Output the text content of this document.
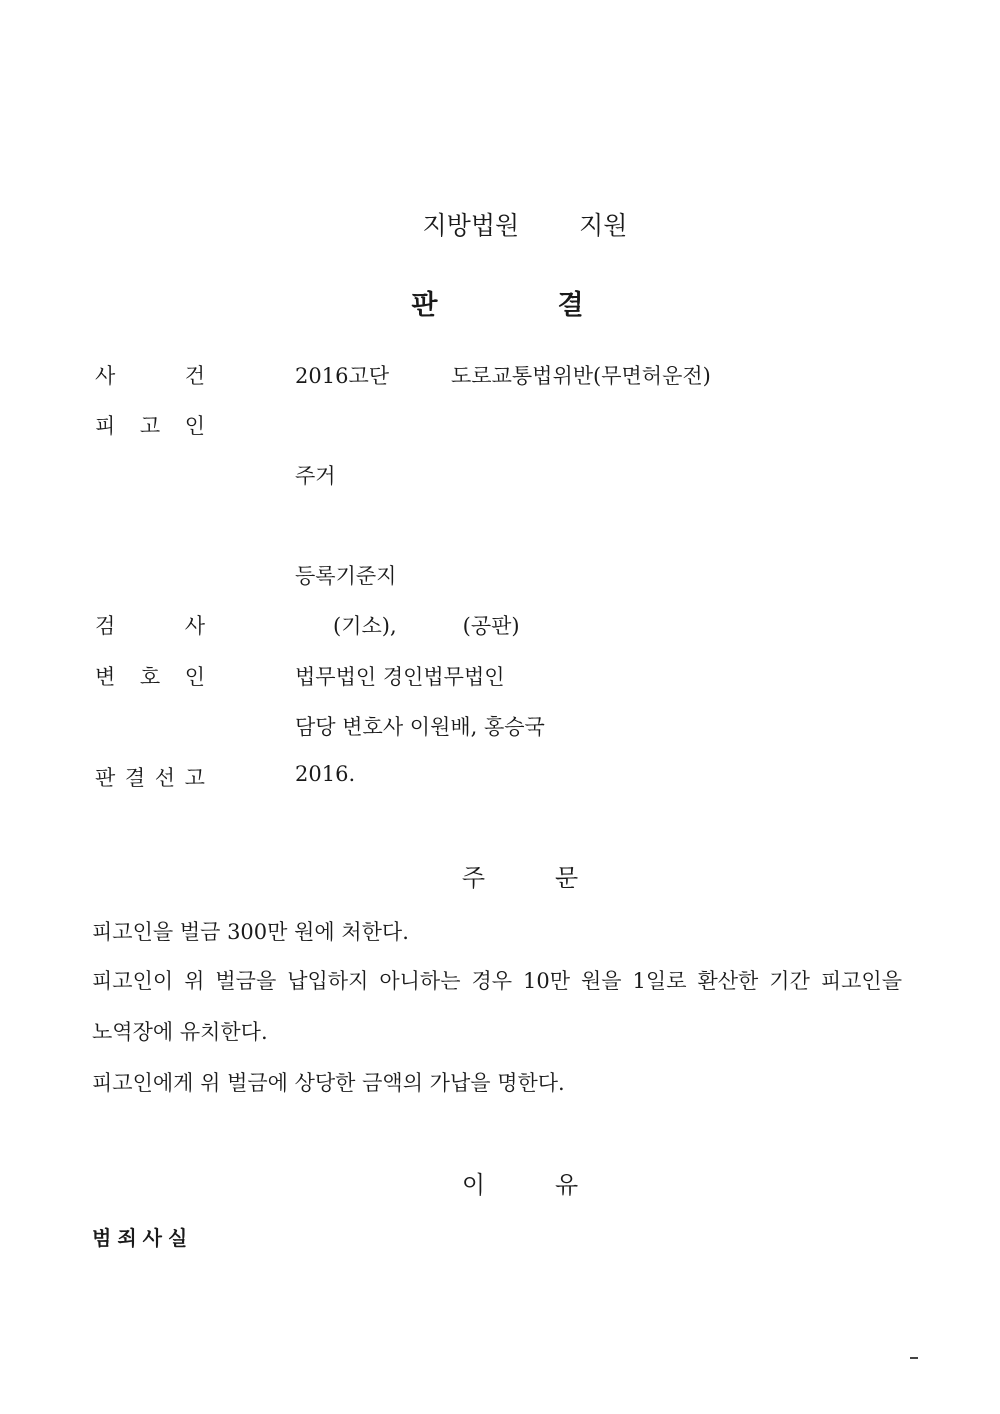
지방법원 지원
판결
사	건	2016고단	도로교통법위반(무면허운전)
피 고 인
주거
등록기준지
검	사	(기소),	(공판)
변 호 인	법무법인 경인법무법인
담당 변호사 이원배, 홍승국
판 결 선 고	2016.
주문
피고인을 벌금 300만 원에 처한다.
피고인이 위 벌금을 납입하지 아니하는 경우 10만 원을 1일로 환산한 기간 피고인을
노역장에 유치한다.
피고인에게 위 벌금에 상당한 금액의 가납을 명한다.
이유
범죄사실
